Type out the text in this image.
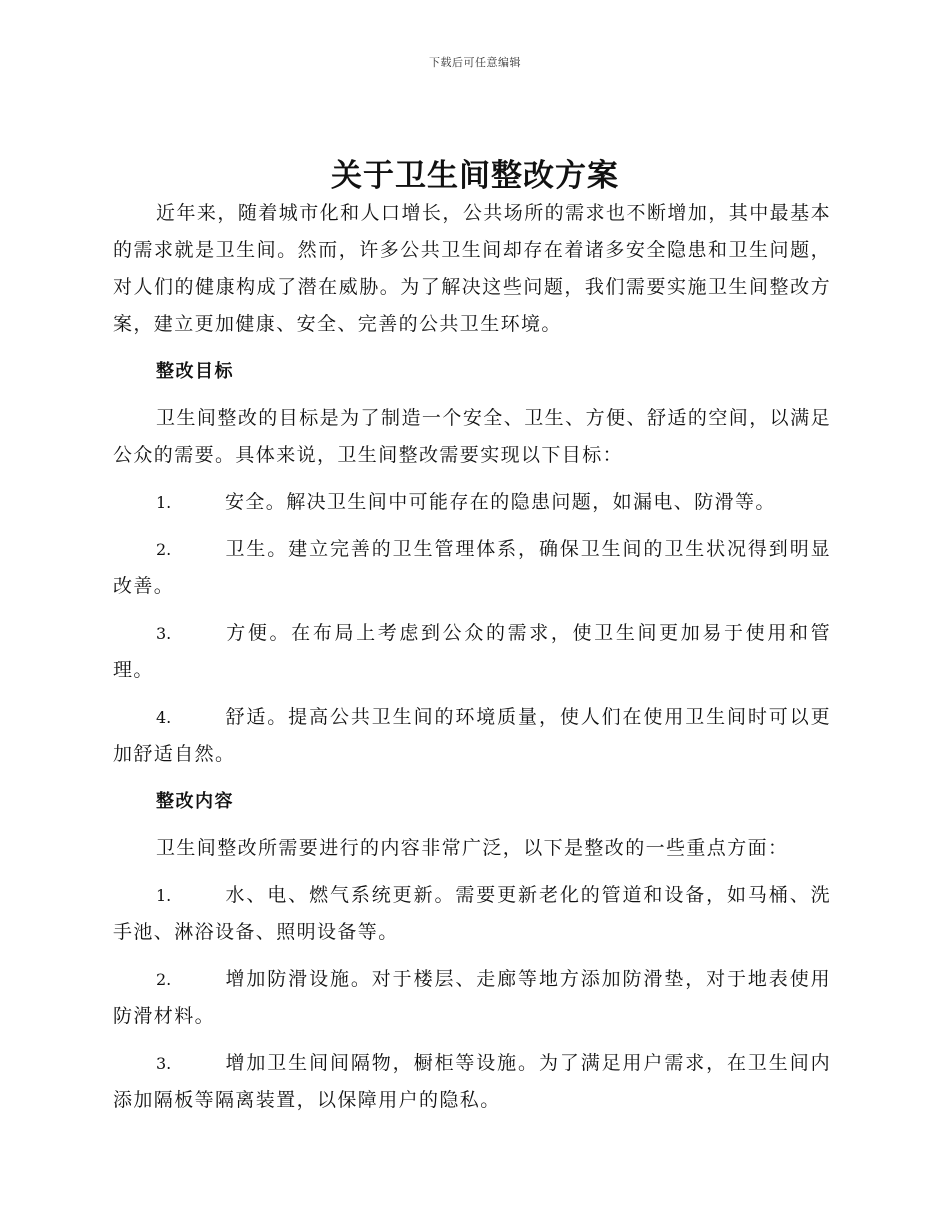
下载后可任意编辑
关于卫生间整改方案

近年来，随着城市化和人口增长，公共场所的需求也不断增加，其中最基本的需求就是卫生间。然而，许多公共卫生间却存在着诸多安全隐患和卫生问题，对人们的健康构成了潜在威胁。为了解决这些问题，我们需要实施卫生间整改方案，建立更加健康、安全、完善的公共卫生环境。

整改目标

卫生间整改的目标是为了制造一个安全、卫生、方便、舒适的空间，以满足公众的需要。具体来说，卫生间整改需要实现以下目标：

1.	安全。解决卫生间中可能存在的隐患问题，如漏电、防滑等。
2.	卫生。建立完善的卫生管理体系，确保卫生间的卫生状况得到明显改善。
3.	方便。在布局上考虑到公众的需求，使卫生间更加易于使用和管理。
4.	舒适。提高公共卫生间的环境质量，使人们在使用卫生间时可以更加舒适自然。
整改内容

卫生间整改所需要进行的内容非常广泛，以下是整改的一些重点方面：

1.	水、电、燃气系统更新。需要更新老化的管道和设备，如马桶、洗手池、淋浴设备、照明设备等。
2.	增加防滑设施。对于楼层、走廊等地方添加防滑垫，对于地表使用防滑材料。
3.	增加卫生间间隔物，橱柜等设施。为了满足用户需求，在卫生间内添加隔板等隔离装置，以保障用户的隐私。
